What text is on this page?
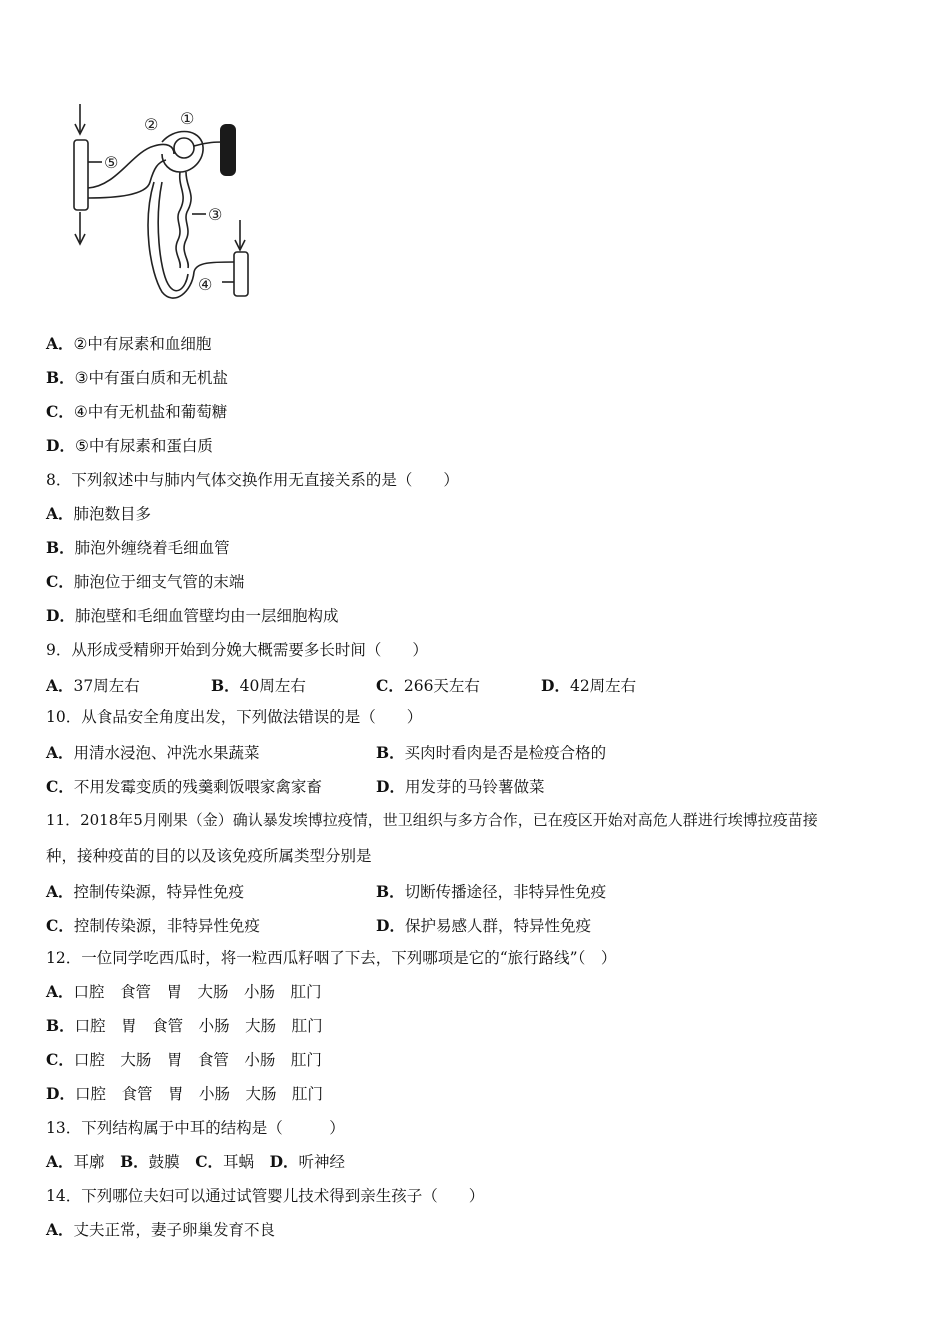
①
②
③
④
⑤
A．②中有尿素和血细胞
B．③中有蛋白质和无机盐
C．④中有无机盐和葡萄糖
D．⑤中有尿素和蛋白质
8．下列叙述中与肺内气体交换作用无直接关系的是（　　）
A．肺泡数目多
B．肺泡外缠绕着毛细血管
C．肺泡位于细支气管的末端
D．肺泡壁和毛细血管壁均由一层细胞构成
9．从形成受精卵开始到分娩大概需要多长时间（　　）
A．37周左右	B．40周左右	C．266天左右	D．42周左右
10．从食品安全角度出发，下列做法错误的是（　　）
A．用清水浸泡、冲洗水果蔬菜	B．买肉时看肉是否是检疫合格的
C．不用发霉变质的残羹剩饭喂家禽家畜	D．用发芽的马铃薯做菜
11．2018年5月刚果（金）确认暴发埃博拉疫情，世卫组织与多方合作，已在疫区开始对高危人群进行埃博拉疫苗接
种，接种疫苗的目的以及该免疫所属类型分别是
A．控制传染源，特异性免疫	B．切断传播途径，非特异性免疫
C．控制传染源，非特异性免疫	D．保护易感人群，特异性免疫
12．一位同学吃西瓜时，将一粒西瓜籽咽了下去，下列哪项是它的“旅行路线”（　）
A．口腔　食管　胃　大肠　小肠　肛门
B．口腔　胃　食管　小肠　大肠　肛门
C．口腔　大肠　胃　食管　小肠　肛门
D．口腔　食管　胃　小肠　大肠　肛门
13．下列结构属于中耳的结构是（　　　）
A．耳廓　 B．鼓膜　 C．耳蜗　 D．听神经
14．下列哪位夫妇可以通过试管婴儿技术得到亲生孩子（　　）
A．丈夫正常，妻子卵巢发育不良
